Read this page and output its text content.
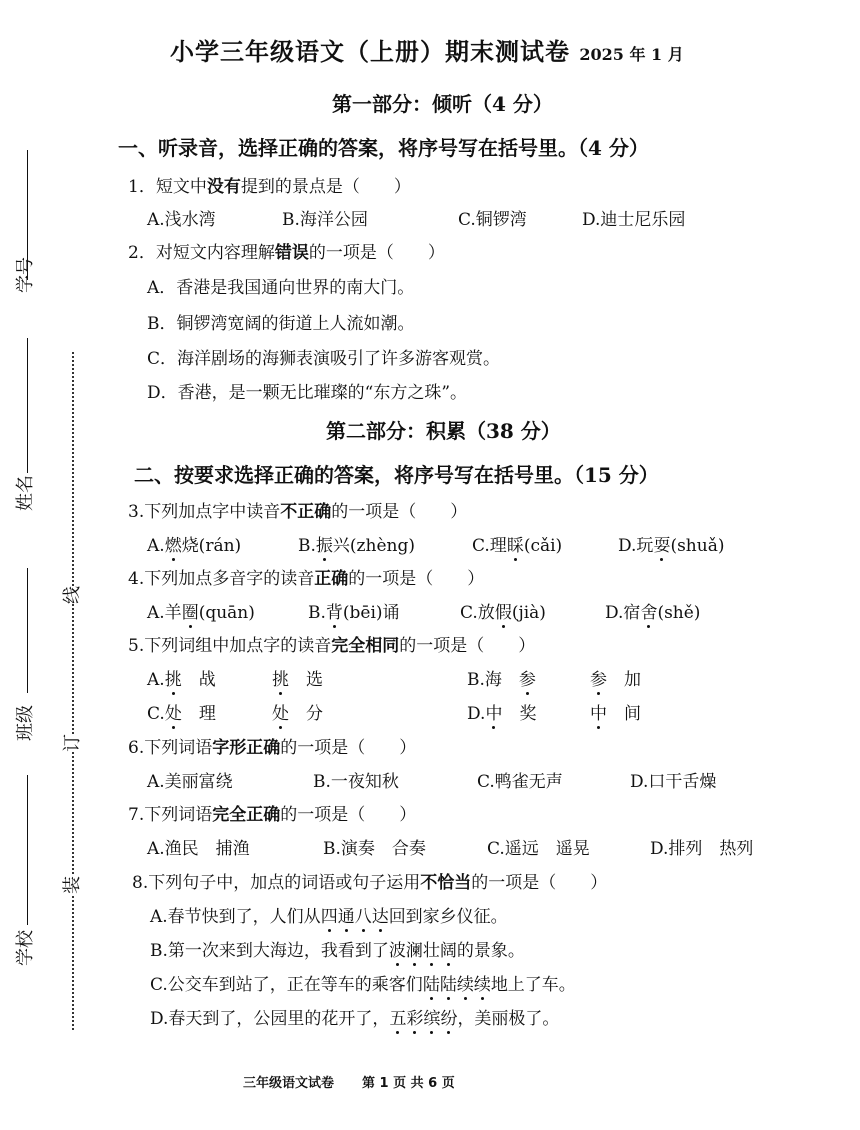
学号
姓名
班级
学校
线
订
装
小学三年级语文（上册）期末测试卷 2025 年 1 月
第一部分：倾听（4 分）
一、听录音，选择正确的答案，将序号写在括号里。（4 分）
1．短文中没有提到的景点是（　　）
A.浅水湾	B.海洋公园	C.铜锣湾	D.迪士尼乐园
2．对短文内容理解错误的一项是（　　）
A．香港是我国通向世界的南大门。
B．铜锣湾宽阔的街道上人流如潮。
C．海洋剧场的海狮表演吸引了许多游客观赏。
D．香港，是一颗无比璀璨的“东方之珠”。
第二部分：积累（38 分）
二、按要求选择正确的答案，将序号写在括号里。（15 分）
3.下列加点字中读音不正确的一项是（　　）
A.燃烧(rán)	B.振兴(zhèng)	C.理睬(cǎi)	D.玩耍(shuǎ)
4.下列加点多音字的读音正确的一项是（　　）
A.羊圈(quān)	B.背(bēi)诵	C.放假(jià)	D.宿舍(shě)
5.下列词组中加点字的读音完全相同的一项是（　　）
A.挑  战	挑  选	B.海  参	参  加
C.处  理	处  分	D.中  奖	中  间
6.下列词语字形正确的一项是（　　）
A.美丽富绕	B.一夜知秋	C.鸭雀无声	D.口干舌燥
7.下列词语完全正确的一项是（　　）
A.渔民　捕渔	B.演奏　合奏	C.遥远　遥晃	D.排列　热列
8.下列句子中，加点的词语或句子运用不恰当的一项是（　　）
A.春节快到了，人们从四通八达回到家乡仪征。
B.第一次来到大海边，我看到了波澜壮阔的景象。
C.公交车到站了，正在等车的乘客们陆陆续续地上了车。
D.春天到了，公园里的花开了，五彩缤纷，美丽极了。
三年级语文试卷 第 1 页 共 6 页
